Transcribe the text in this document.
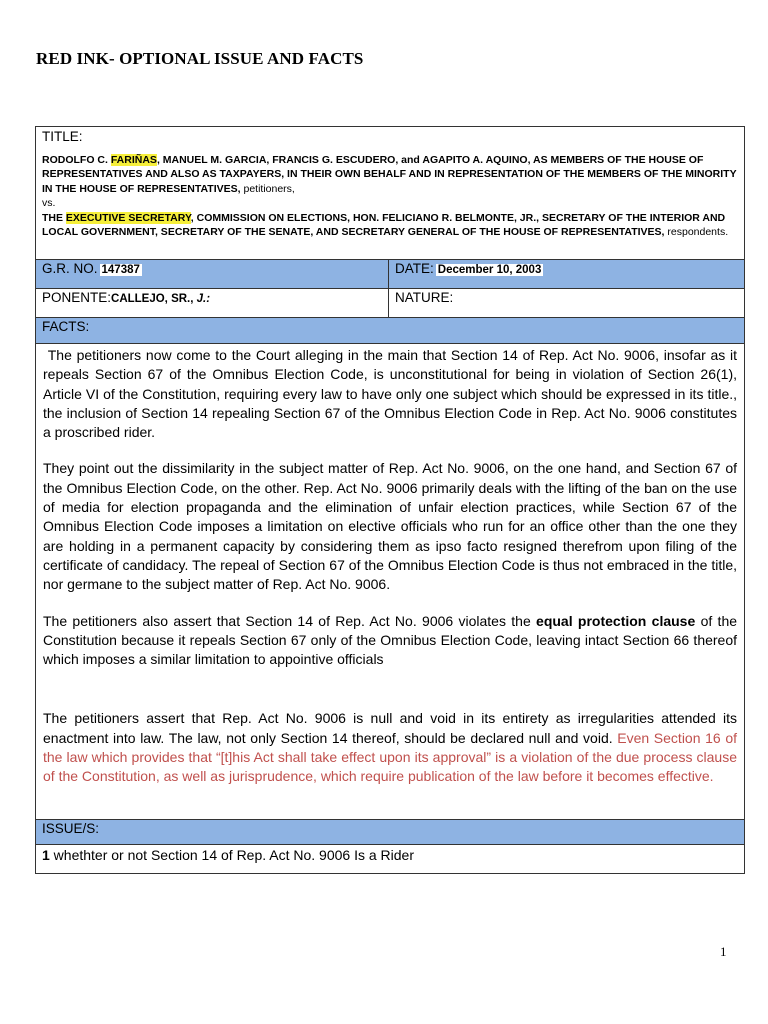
RED INK- OPTIONAL ISSUE AND FACTS
TITLE:
RODOLFO C. FARIÑAS, MANUEL M. GARCIA, FRANCIS G. ESCUDERO, and AGAPITO A. AQUINO, AS MEMBERS OF THE HOUSE OF REPRESENTATIVES AND ALSO AS TAXPAYERS, IN THEIR OWN BEHALF AND IN REPRESENTATION OF THE MEMBERS OF THE MINORITY IN THE HOUSE OF REPRESENTATIVES, petitioners,
vs.
THE EXECUTIVE SECRETARY, COMMISSION ON ELECTIONS, HON. FELICIANO R. BELMONTE, JR., SECRETARY OF THE INTERIOR AND LOCAL GOVERNMENT, SECRETARY OF THE SENATE, AND SECRETARY GENERAL OF THE HOUSE OF REPRESENTATIVES, respondents.	

G.R. NO. 147387	DATE: December 10, 2003
PONENTE:CALLEJO, SR., J.:	NATURE:
FACTS:	

The petitioners now come to the Court alleging in the main that Section 14 of Rep. Act No. 9006, insofar as it repeals Section 67 of the Omnibus Election Code, is unconstitutional for being in violation of Section 26(1), Article VI of the Constitution, requiring every law to have only one subject which should be expressed in its title., the inclusion of Section 14 repealing Section 67 of the Omnibus Election Code in Rep. Act No. 9006 constitutes a proscribed rider.

They point out the dissimilarity in the subject matter of Rep. Act No. 9006, on the one hand, and Section 67 of the Omnibus Election Code, on the other. Rep. Act No. 9006 primarily deals with the lifting of the ban on the use of media for election propaganda and the elimination of unfair election practices, while Section 67 of the Omnibus Election Code imposes a limitation on elective officials who run for an office other than the one they are holding in a permanent capacity by considering them as ipso facto resigned therefrom upon filing of the certificate of candidacy. The repeal of Section 67 of the Omnibus Election Code is thus not embraced in the title, nor germane to the subject matter of Rep. Act No. 9006.

The petitioners also assert that Section 14 of Rep. Act No. 9006 violates the equal protection clause of the Constitution because it repeals Section 67 only of the Omnibus Election Code, leaving intact Section 66 thereof which imposes a similar limitation to appointive officials

The petitioners assert that Rep. Act No. 9006 is null and void in its entirety as irregularities attended its enactment into law. The law, not only Section 14 thereof, should be declared null and void. Even Section 16 of the law which provides that “[t]his Act shall take effect upon its approval” is a violation of the due process clause of the Constitution, as well as jurisprudence, which require publication of the law before it becomes effective.	

ISSUE/S:	
1 whethter or not Section 14 of Rep. Act No. 9006 Is a Rider	
1
